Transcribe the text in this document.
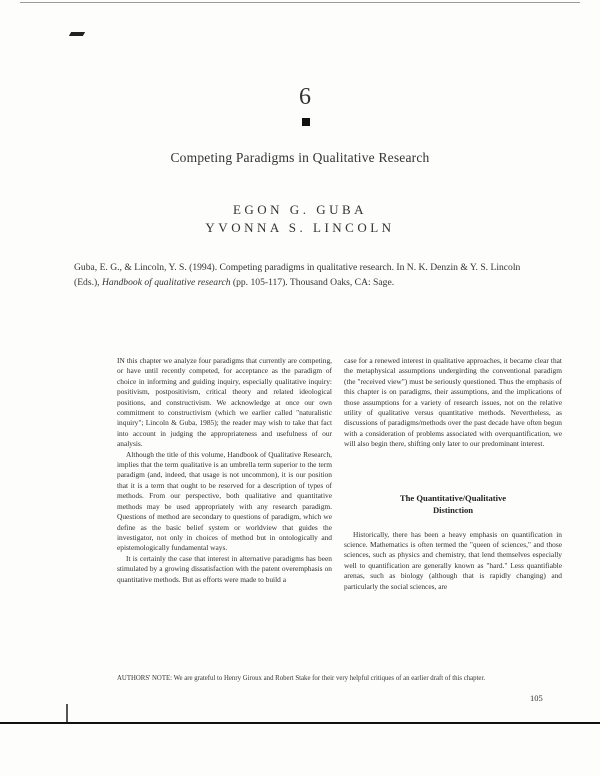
6
Competing Paradigms in Qualitative Research
EGON G. GUBA
YVONNA S. LINCOLN
Guba, E. G., & Lincoln, Y. S. (1994). Competing paradigms in qualitative research. In N. K. Denzin & Y. S. Lincoln (Eds.), Handbook of qualitative research (pp. 105-117). Thousand Oaks, CA: Sage.

IN this chapter we analyze four paradigms that currently are competing, or have until recently competed, for acceptance as the paradigm of choice in informing and guiding inquiry, especially qualitative inquiry: positivism, postpositivism, critical theory and related ideological positions, and constructivism. We acknowledge at once our own commitment to constructivism (which we earlier called "naturalistic inquiry"; Lincoln & Guba, 1985); the reader may wish to take that fact into account in judging the appropriateness and usefulness of our analysis.

Although the title of this volume, Handbook of Qualitative Research, implies that the term qualitative is an umbrella term superior to the term paradigm (and, indeed, that usage is not uncommon), it is our position that it is a term that ought to be reserved for a description of types of methods. From our perspective, both qualitative and quantitative methods may be used appropriately with any research paradigm. Questions of method are secondary to questions of paradigm, which we define as the basic belief system or worldview that guides the investigator, not only in choices of method but in ontologically and epistemologically fundamental ways.

It is certainly the case that interest in alternative paradigms has been stimulated by a growing dissatisfaction with the patent overemphasis on quantitative methods. But as efforts were made to build a

case for a renewed interest in qualitative approaches, it became clear that the metaphysical assumptions undergirding the conventional paradigm (the "received view") must be seriously questioned. Thus the emphasis of this chapter is on paradigms, their assumptions, and the implications of those assumptions for a variety of research issues, not on the relative utility of qualitative versus quantitative methods. Nevertheless, as discussions of paradigms/methods over the past decade have often begun with a consideration of problems associated with overquantification, we will also begin there, shifting only later to our predominant interest.

The Quantitative/Qualitative
Distinction

Historically, there has been a heavy emphasis on quantification in science. Mathematics is often termed the "queen of sciences," and those sciences, such as physics and chemistry, that lend themselves especially well to quantification are generally known as "hard." Less quantifiable arenas, such as biology (although that is rapidly changing) and particularly the social sciences, are

AUTHORS' NOTE: We are grateful to Henry Giroux and Robert Stake for their very helpful critiques of an earlier draft of this chapter.
105
